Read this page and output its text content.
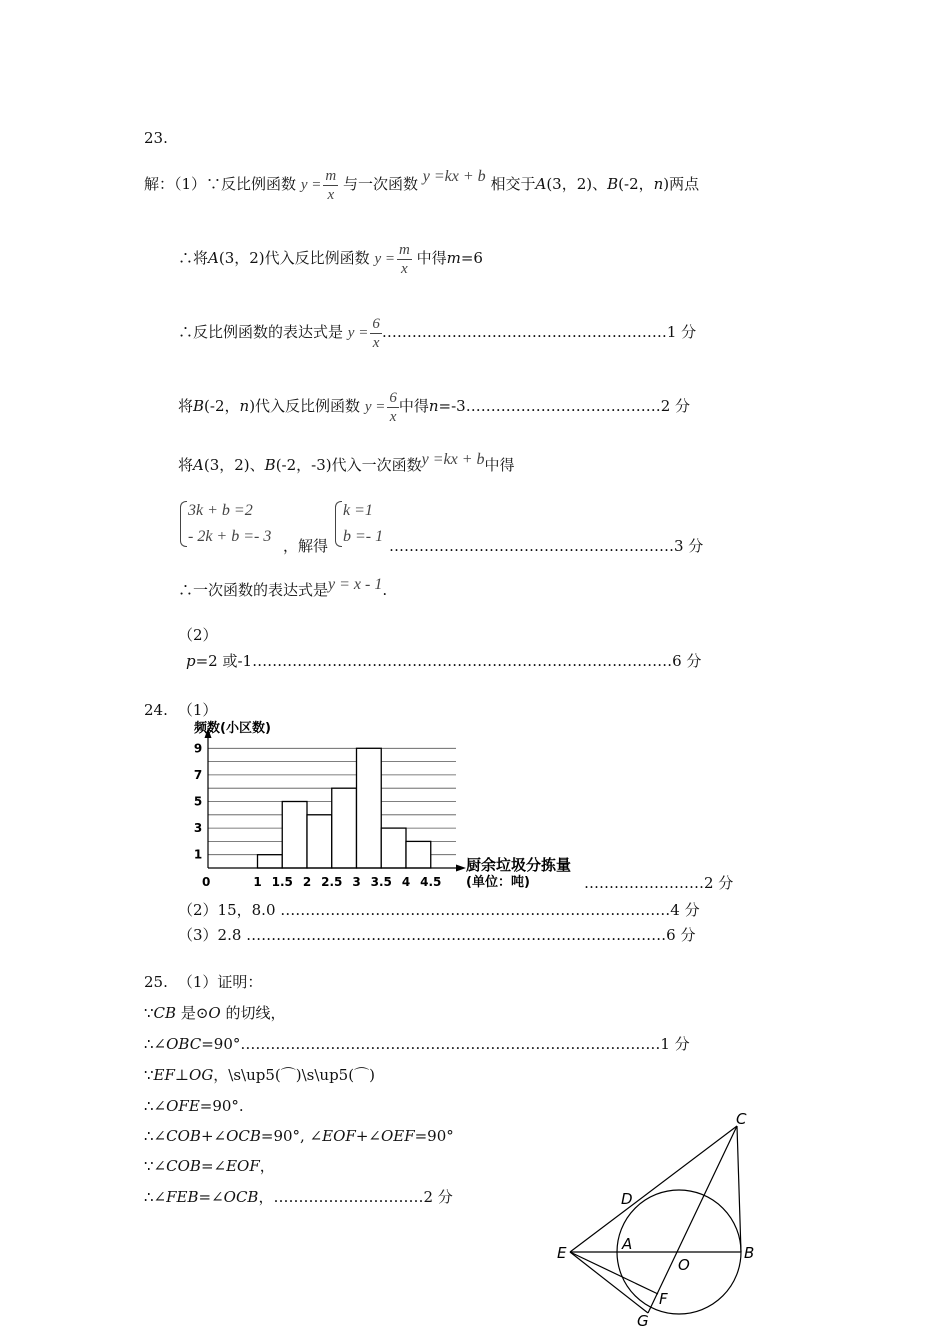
23.
解：（1）∵反比例函数 $y = \frac{m}{x}$ 与一次函数 y =kx + b 相交于A(3，2)、B(-2，n)两点
∴将A(3，2)代入反比例函数 $y = \frac{m}{x}$ 中得m=6
∴反比例函数的表达式是 $y = \frac{6}{x}$ …………………………………………………1 分
将B(-2，n)代入反比例函数 $y = \frac{6}{x}$ 中得n=-3…………………………………2 分
将A(3，2)、B(-2，-3)代入一次函数y =kx + b中得
3k + b =2
- 2k + b =- 3
，解得
k =1
b =- 1
…………………………………………………3 分
∴一次函数的表达式是y = x - 1.
（2）
p=2 或-1…………………………………………………………………………6 分
24. （1）
频数(小区数)
厨余垃圾分拣量
(单位：吨)
0
1
3
5
7
9
1 1.5 2 2.5 3 3.5 4 4.5	……………………2 分
（2）15，8.0 ……………………………………………………………………4 分
（3）2.8 …………………………………………………………………………6 分
25. （1）证明：
∵CB 是⊙O 的切线，
∴∠OBC=90°…………………………………………………………………………1 分
∵EF⊥OG，\s\up5(⌒)\s\up5(⌒)
∴∠OFE=90°.
∴∠COB+∠OCB=90°, ∠EOF+∠OEF=90°
∵∠COB=∠EOF，
∴∠FEB=∠OCB，…………………………2 分
C
D
A
E
O
B
F
G
